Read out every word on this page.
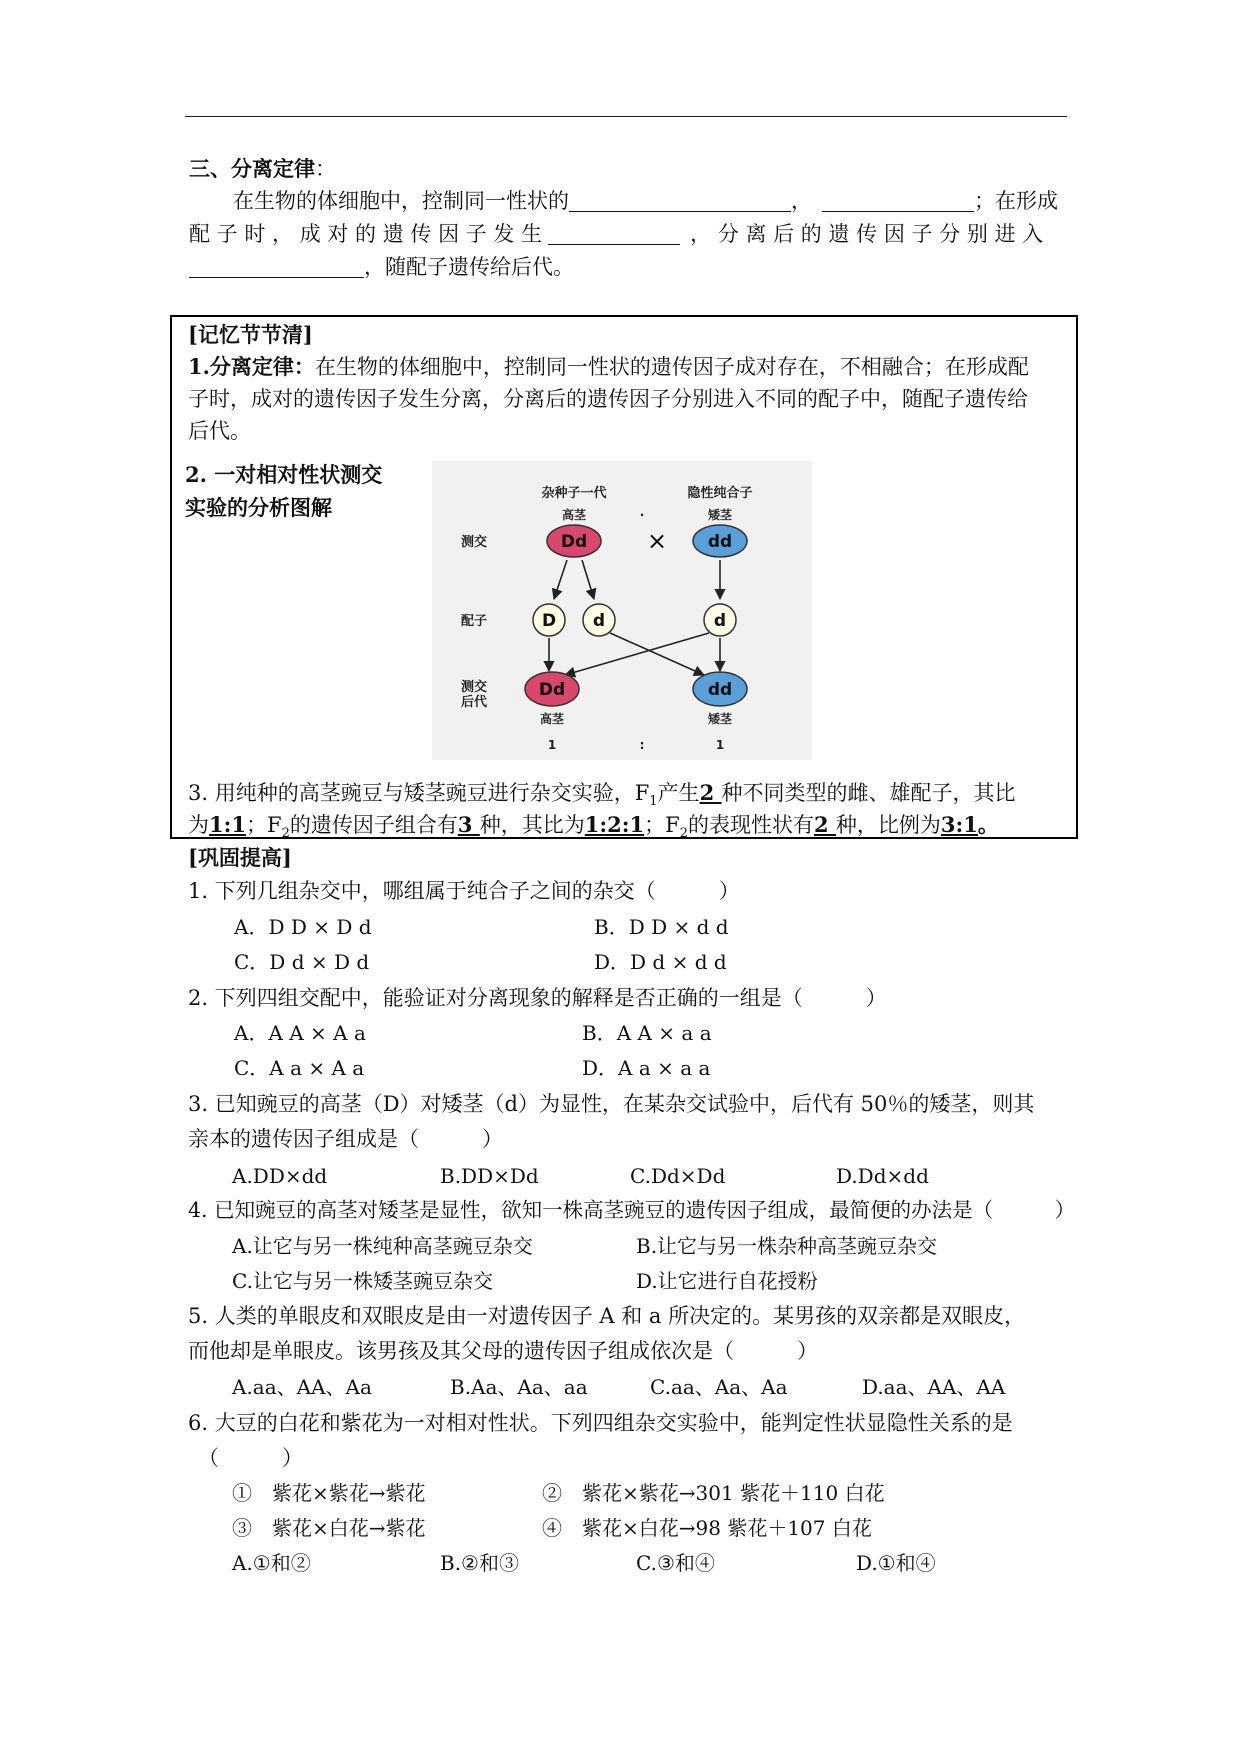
三、分离定律：
在生物的体细胞中，控制同一性状的	，	；在形成
配 子 时 ， 成 对 的 遗 传 因 子 发 生	， 分 离 后 的 遗 传 因 子 分 别 进 入
，随配子遗传给后代。
[记忆节节清]
1.分离定律：在生物的体细胞中，控制同一性状的遗传因子成对存在，不相融合；在形成配
子时，成对的遗传因子发生分离，分离后的遗传因子分别进入不同的配子中，随配子遗传给
后代。
2. 一对相对性状测交
实验的分析图解
杂种子一代	隐性纯合子
高茎	矮茎
·
测交
配子
测交
后代
Dd	dd
×
D d	d
Dd	dd
高茎	矮茎
1	:	1
3. 用纯种的高茎豌豆与矮茎豌豆进行杂交实验，$F_1$产生2 种不同类型的雌、雄配子，其比
为1:1；$F_2$的遗传因子组合有3 种，其比为1:2:1；$F_2$的表现性状有2 种，比例为3:1。
[巩固提高]
1. 下列几组杂交中，哪组属于纯合子之间的杂交（　　　）
A．D D × D d	B．D D × d d
C．D d × D d	D．D d × d d
2. 下列四组交配中，能验证对分离现象的解释是否正确的一组是（　　　）
A．A A × A a	B．A A × a a
C．A a × A a	D．A a × a a
3. 已知豌豆的高茎（D）对矮茎（d）为显性，在某杂交试验中，后代有 50％的矮茎，则其
亲本的遗传因子组成是（　　　）
A.DD×dd	B.DD×Dd	C.Dd×Dd	D.Dd×dd
4. 已知豌豆的高茎对矮茎是显性，欲知一株高茎豌豆的遗传因子组成，最简便的办法是（　　　）
A.让它与另一株纯种高茎豌豆杂交	B.让它与另一株杂种高茎豌豆杂交
C.让它与另一株矮茎豌豆杂交	D.让它进行自花授粉
5. 人类的单眼皮和双眼皮是由一对遗传因子 A 和 a 所决定的。某男孩的双亲都是双眼皮，
而他却是单眼皮。该男孩及其父母的遗传因子组成依次是（　　　）
A.aa、AA、Aa	B.Aa、Aa、aa	C.aa、Aa、Aa	D.aa、AA、AA
6. 大豆的白花和紫花为一对相对性状。下列四组杂交实验中，能判定性状显隐性关系的是
（　　　）
①　紫花×紫花→紫花	②　紫花×紫花→301 紫花＋110 白花
③　紫花×白花→紫花	④　紫花×白花→98 紫花＋107 白花
A.①和②	B.②和③	C.③和④	D.①和④
